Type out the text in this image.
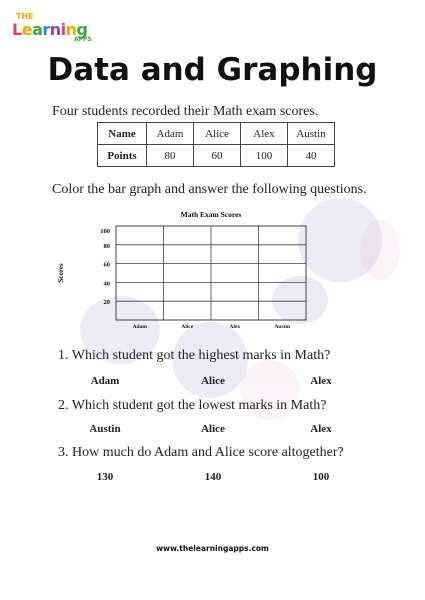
THE
Learning
APPS
Data and Graphing
Four students recorded their Math exam scores.
Name	Adam	Alice	Alex	Austin
Points	80	60	100	40
Color the bar graph and answer the following questions.
Math Exam Scores
100
80
60
40
20
Adam	Alice	Alex	Austin
Scores
1. Which student got the highest marks in Math?
Adam	Alice	Alex
2. Which student got the lowest marks in Math?
Austin	Alice	Alex
3. How much do Adam and Alice score altogether?
130	140	100
www.thelearningapps.com
